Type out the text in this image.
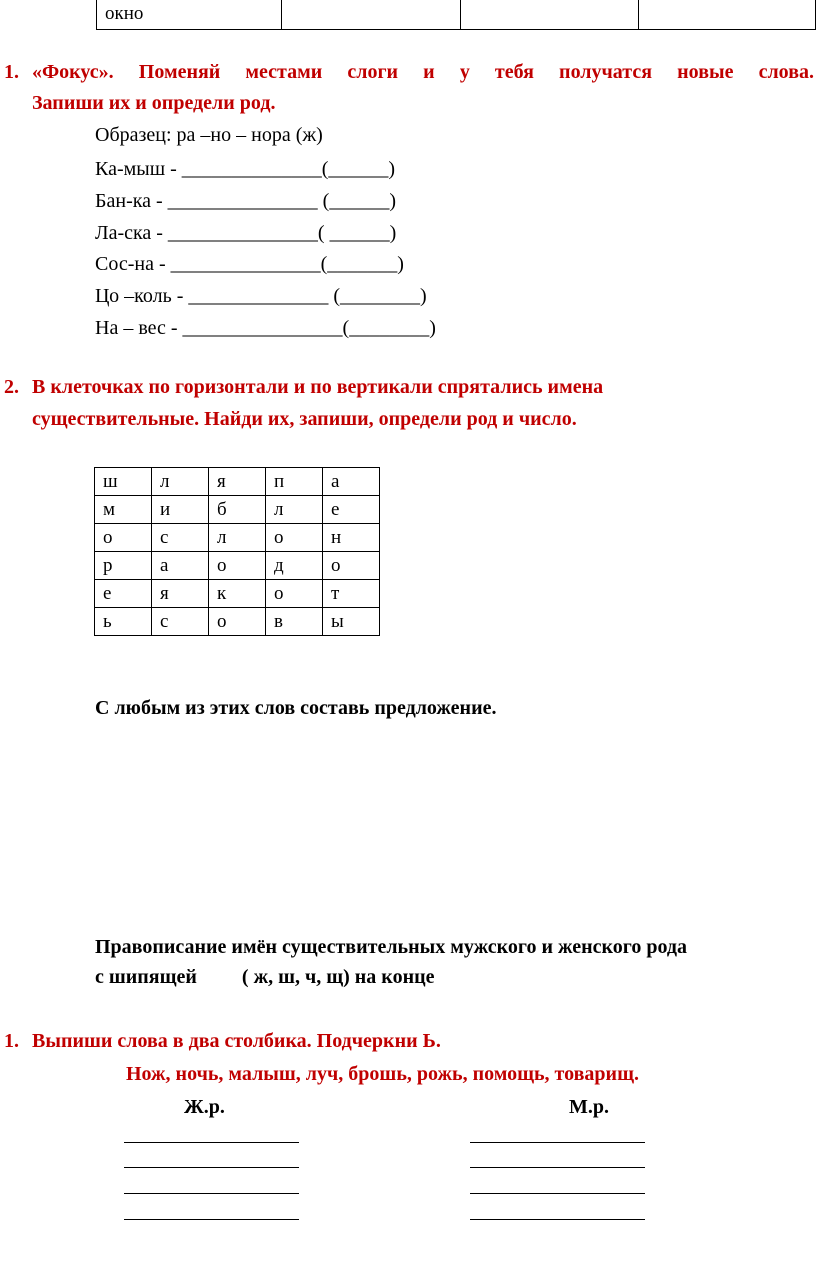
окно			
1. «Фокус». Поменяй местами слоги и у тебя получатся новые слова.
Запиши их и определи род.
Образец: ра –но – нора (ж)
Ка-мыш - ______________(______)
Бан-ка - _______________ (______)
Ла-ска - _______________( ______)
Сос-на - _______________(_______)
Цо –коль - ______________ (________)
На – вес - ________________(________)
2. В клеточках по горизонтали и по вертикали спрятались имена
существительные. Найди их, запиши, определи род и число.
ш	л	я	п	а
м	и	б	л	е
о	с	л	о	н
р	а	о	д	о
е	я	к	о	т
ь	с	о	в	ы
С любым из этих слов составь предложение.
Правописание имён существительных мужского и женского рода
с шипящей         ( ж, ш, ч, щ) на конце
1. Выпиши слова в два столбика. Подчеркни Ь.
Нож, ночь, малыш, луч, брошь, рожь, помощь, товарищ.
Ж.р.	М.р.
